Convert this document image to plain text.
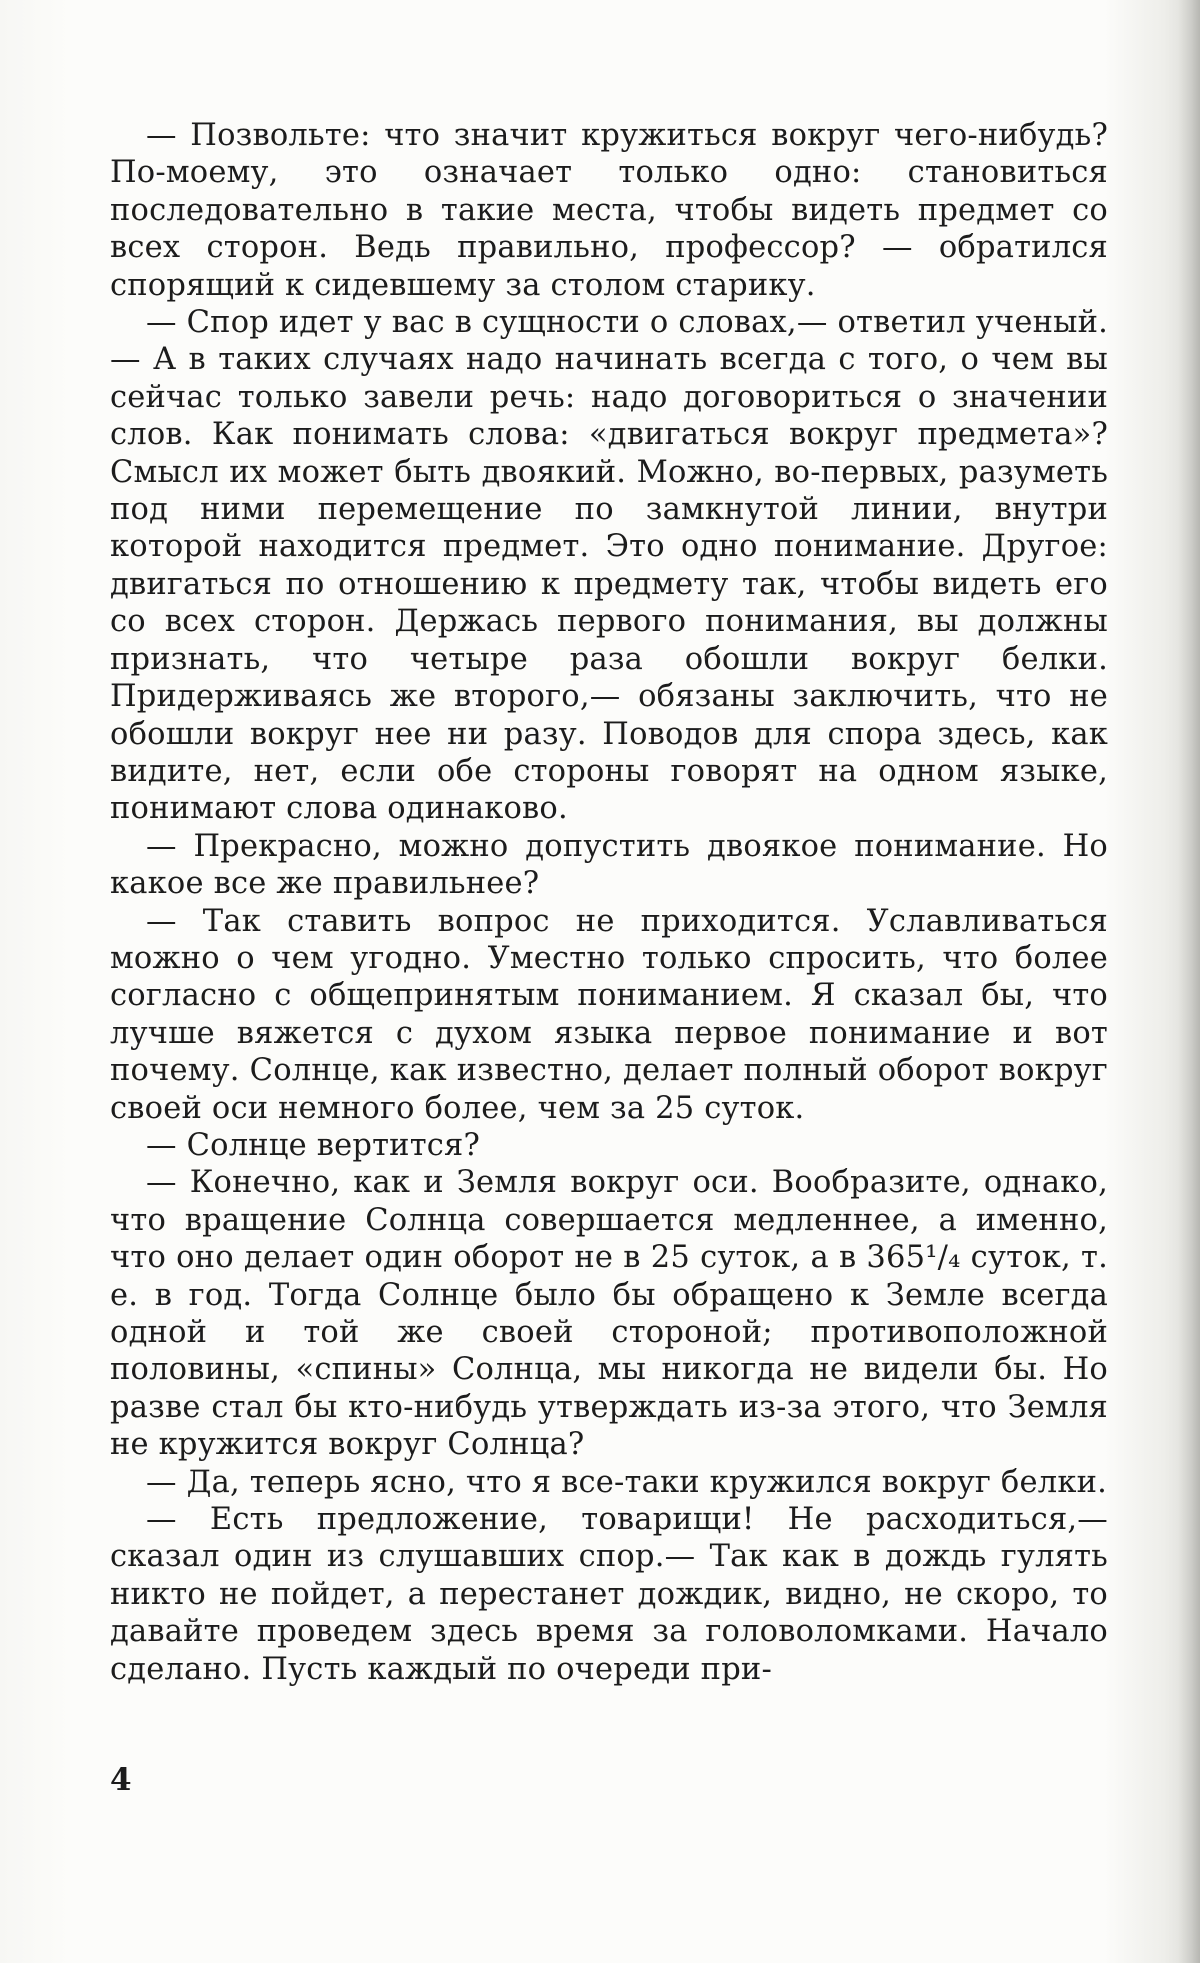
— Позвольте: что значит кружиться вокруг чего-нибудь? По-моему, это означает только одно: становиться последовательно в такие места, чтобы видеть предмет со всех сторон. Ведь правильно, профессор? — обратился спорящий к сидевшему за столом старику.

— Спор идет у вас в сущности о словах,— ответил ученый.— А в таких случаях надо начинать всегда с того, о чем вы сейчас только завели речь: надо договориться о значении слов. Как понимать слова: «двигаться вокруг предмета»? Смысл их может быть двоякий. Можно, во-первых, разуметь под ними перемещение по замкнутой линии, внутри которой находится предмет. Это одно понимание. Другое: двигаться по отношению к предмету так, чтобы видеть его со всех сторон. Держась первого понимания, вы должны признать, что четыре раза обошли вокруг белки. Придерживаясь же второго,— обязаны заключить, что не обошли вокруг нее ни разу. Поводов для спора здесь, как видите, нет, если обе стороны говорят на одном языке, понимают слова одинаково.

— Прекрасно, можно допустить двоякое понимание. Но какое все же правильнее?

— Так ставить вопрос не приходится. Уславливаться можно о чем угодно. Уместно только спросить, что более согласно с общепринятым пониманием. Я сказал бы, что лучше вяжется с духом языка первое понимание и вот почему. Солнце, как известно, делает полный оборот вокруг своей оси немного более, чем за 25 суток.

— Солнце вертится?

— Конечно, как и Земля вокруг оси. Вообразите, однако, что вращение Солнца совершается медленнее, а именно, что оно делает один оборот не в 25 суток, а в 365¹/₄ суток, т. е. в год. Тогда Солнце было бы обращено к Земле всегда одной и той же своей стороной; противоположной половины, «спины» Солнца, мы никогда не видели бы. Но разве стал бы кто-нибудь утверждать из-за этого, что Земля не кружится вокруг Солнца?

— Да, теперь ясно, что я все-таки кружился вокруг белки.

— Есть предложение, товарищи! Не расходиться,— сказал один из слушавших спор.— Так как в дождь гулять никто не пойдет, а перестанет дождик, видно, не скоро, то давайте проведем здесь время за головоломками. Начало сделано. Пусть каждый по очереди при-

4
